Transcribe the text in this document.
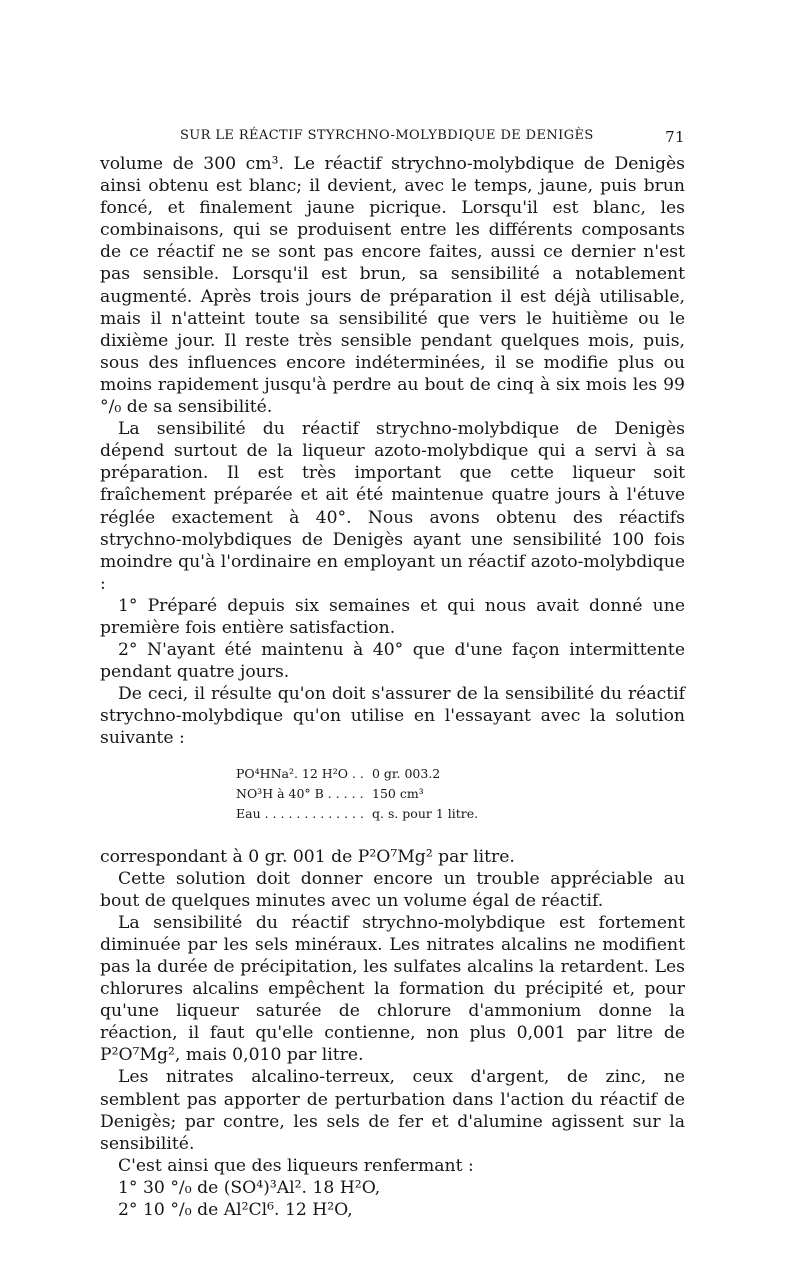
SUR LE RÉACTIF STYRCHNO-MOLYBDIQUE DE DENIGÈS	71

volume de 300 cm³. Le réactif strychno-molybdique de Denigès ainsi obtenu est blanc; il devient, avec le temps, jaune, puis brun foncé, et finalement jaune picrique. Lorsqu'il est blanc, les combinaisons, qui se produisent entre les différents composants de ce réactif ne se sont pas encore faites, aussi ce dernier n'est pas sensible. Lorsqu'il est brun, sa sensibilité a notablement augmenté. Après trois jours de préparation il est déjà utilisable, mais il n'atteint toute sa sensibilité que vers le huitième ou le dixième jour. Il reste très sensible pendant quelques mois, puis, sous des influences encore indéterminées, il se modifie plus ou moins rapidement jusqu'à perdre au bout de cinq à six mois les 99 °/₀ de sa sensibilité.

La sensibilité du réactif strychno-molybdique de Denigès dépend surtout de la liqueur azoto-molybdique qui a servi à sa préparation. Il est très important que cette liqueur soit fraîchement préparée et ait été maintenue quatre jours à l'étuve réglée exactement à 40°. Nous avons obtenu des réactifs strychno-molybdiques de Denigès ayant une sensibilité 100 fois moindre qu'à l'ordinaire en employant un réactif azoto-molybdique :

1° Préparé depuis six semaines et qui nous avait donné une première fois entière satisfaction.

2° N'ayant été maintenu à 40° que d'une façon intermittente pendant quatre jours.

De ceci, il résulte qu'on doit s'assurer de la sensibilité du réactif strychno-molybdique qu'on utilise en l'essayant avec la solution suivante :

PO⁴HNa². 12 H²O . . .	0 gr. 003.2
NO³H à 40° B . . .	150 cm³
Eau . . .	q. s. pour 1 litre.

correspondant à 0 gr. 001 de P²O⁷Mg² par litre.

Cette solution doit donner encore un trouble appréciable au bout de quelques minutes avec un volume égal de réactif.

La sensibilité du réactif strychno-molybdique est fortement diminuée par les sels minéraux. Les nitrates alcalins ne modifient pas la durée de précipitation, les sulfates alcalins la retardent. Les chlorures alcalins empêchent la formation du précipité et, pour qu'une liqueur saturée de chlorure d'ammonium donne la réaction, il faut qu'elle contienne, non plus 0,001 par litre de P²O⁷Mg², mais 0,010 par litre.

Les nitrates alcalino-terreux, ceux d'argent, de zinc, ne semblent pas apporter de perturbation dans l'action du réactif de Denigès; par contre, les sels de fer et d'alumine agissent sur la sensibilité.

C'est ainsi que des liqueurs renfermant :

1° 30 °/₀ de (SO⁴)³Al². 18 H²O,

2° 10 °/₀ de Al²Cl⁶. 12 H²O,
